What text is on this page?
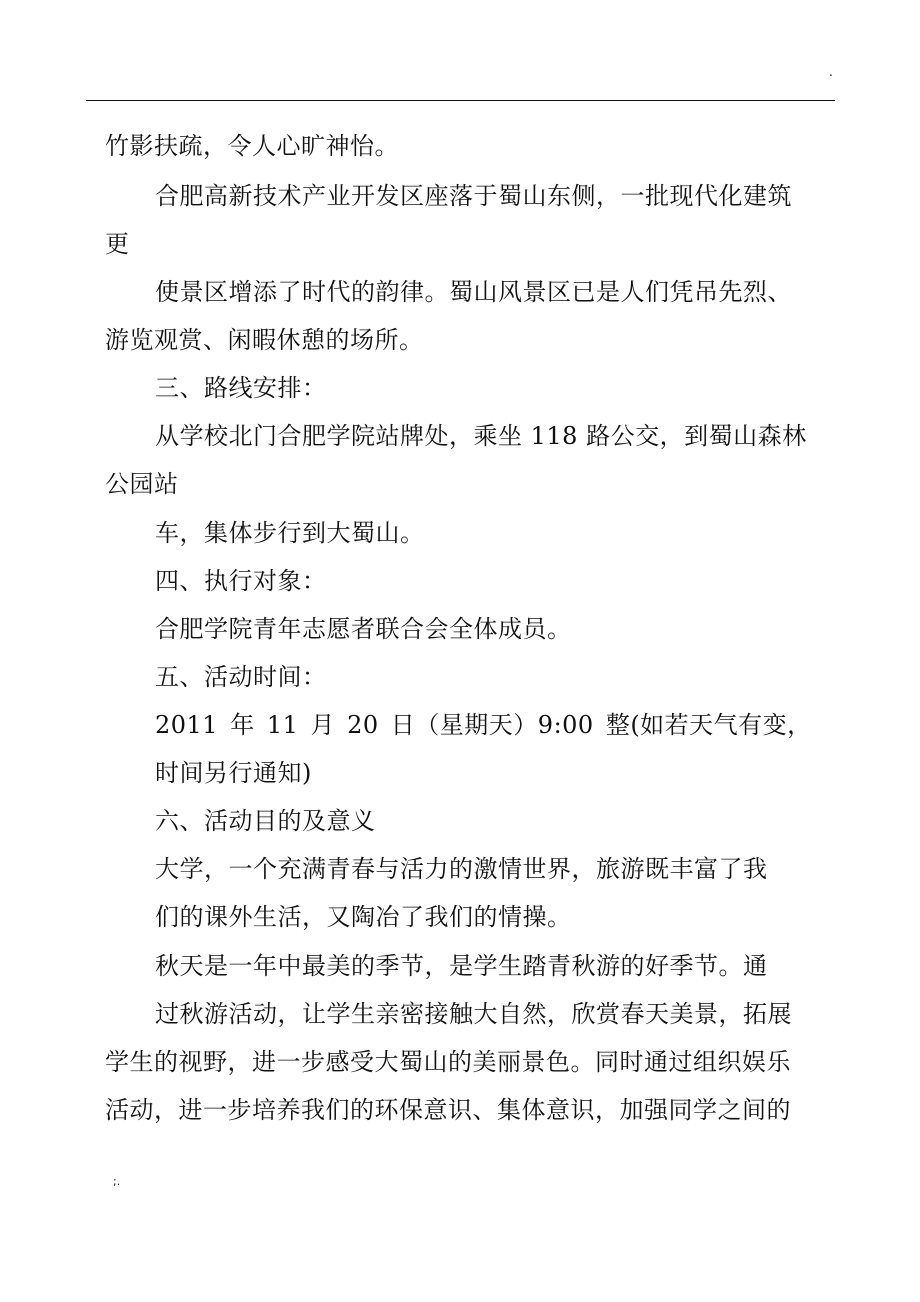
.
竹影扶疏，令人心旷神怡。
合肥高新技术产业开发区座落于蜀山东侧，一批现代化建筑
更
使景区增添了时代的韵律。蜀山风景区已是人们凭吊先烈、
游览观赏、闲暇休憩的场所。
三、路线安排：
从学校北门合肥学院站牌处，乘坐 118 路公交，到蜀山森林
公园站
车，集体步行到大蜀山。
四、执行对象：
合肥学院青年志愿者联合会全体成员。
五、活动时间：
2011 年 11 月 20 日（星期天）9:00 整(如若天气有变，
时间另行通知)
六、活动目的及意义
大学，一个充满青春与活力的激情世界，旅游既丰富了我
们的课外生活，又陶冶了我们的情操。
秋天是一年中最美的季节，是学生踏青秋游的好季节。通
过秋游活动，让学生亲密接触大自然，欣赏春天美景，拓展
学生的视野，进一步感受大蜀山的美丽景色。同时通过组织娱乐
活动，进一步培养我们的环保意识、集体意识，加强同学之间的
;.
